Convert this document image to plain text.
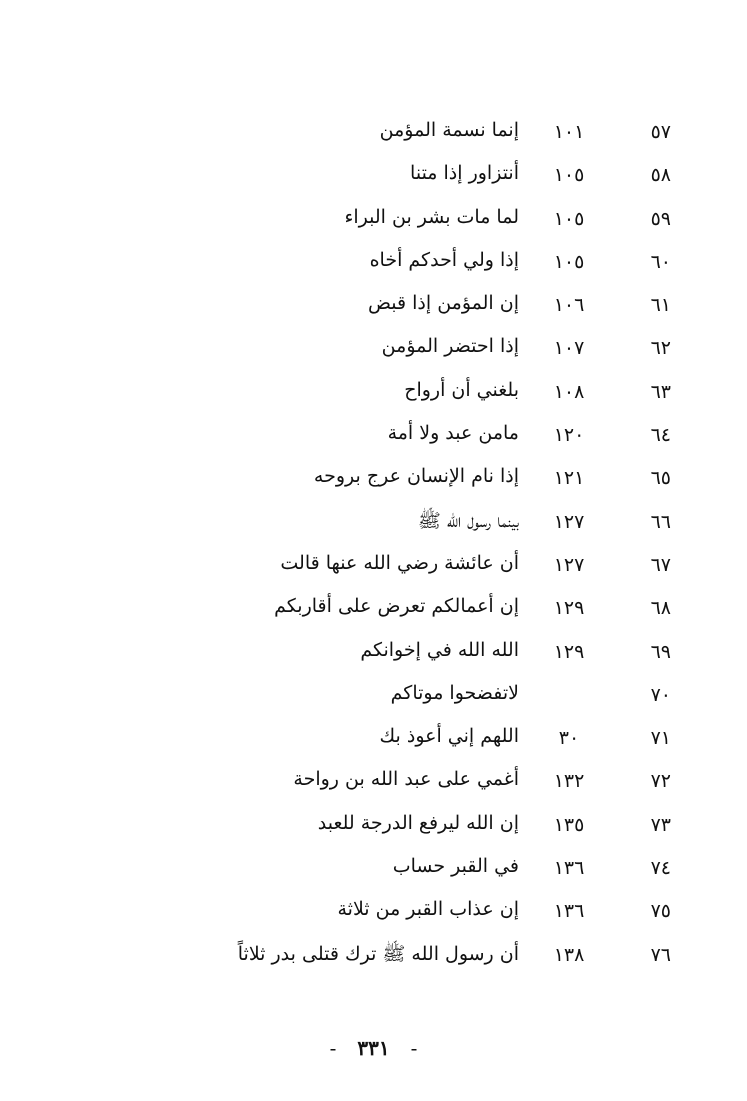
٥٧
١٠١
إنما نسمة المؤمن
٥٨
١٠٥
أنتزاور إذا متنا
٥٩
١٠٥
لما مات بشر بن البراء
٦٠
١٠٥
إذا ولي أحدكم أخاه
٦١
١٠٦
إن المؤمن إذا قبض
٦٢
١٠٧
إذا احتضر المؤمن
٦٣
١٠٨
بلغني أن أرواح
٦٤
١٢٠
مامن عبد ولا أمة
٦٥
١٢١
إذا نام الإنسان عرج بروحه
٦٦
١٢٧
بينما رسول الله ﷺ
٦٧
١٢٧
أن عائشة رضي الله عنها قالت
٦٨
١٢٩
إن أعمالكم تعرض على أقاربكم
٦٩
١٢٩
الله الله في إخوانكم
٧٠
لاتفضحوا موتاكم
٧١
٣٠
اللهم إني أعوذ بك
٧٢
١٣٢
أغمي على عبد الله بن رواحة
٧٣
١٣٥
إن الله ليرفع الدرجة للعبد
٧٤
١٣٦
في القبر حساب
٧٥
١٣٦
إن عذاب القبر من ثلاثة
٧٦
١٣٨
أن رسول الله ﷺ ترك قتلى بدر ثلاثاً
- ٣٣١ -
